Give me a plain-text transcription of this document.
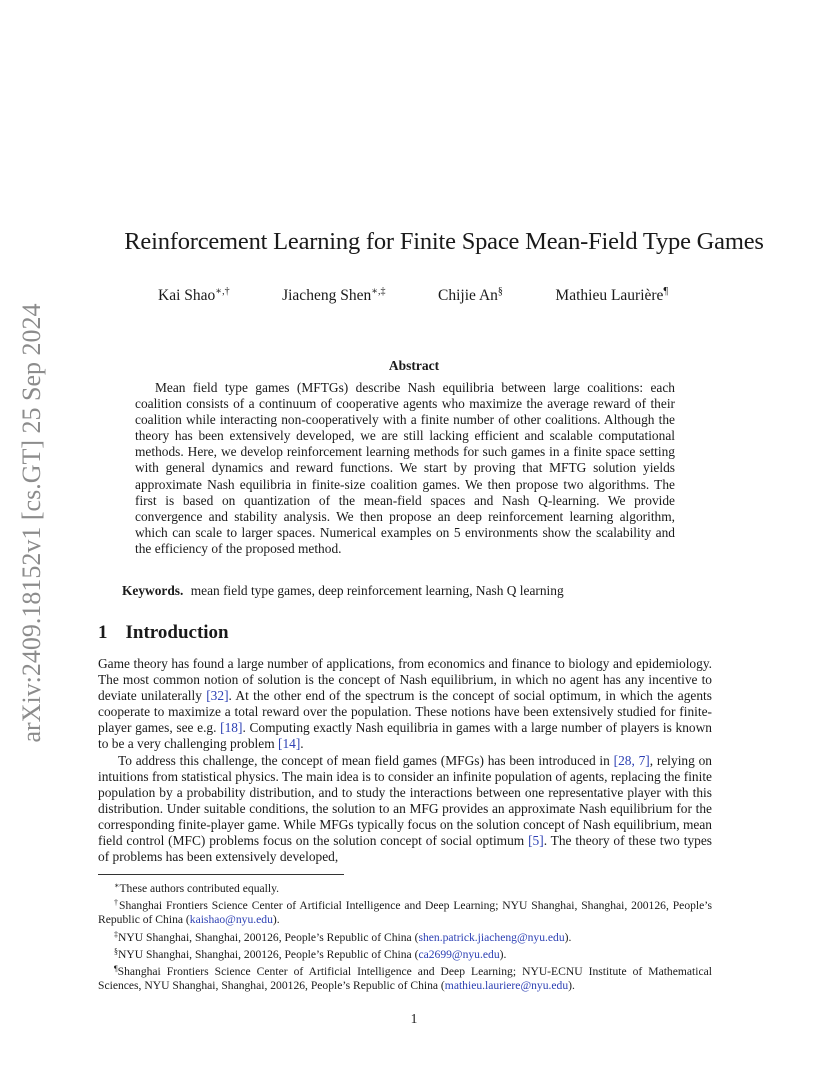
arXiv:2409.18152v1 [cs.GT] 25 Sep 2024
Reinforcement Learning for Finite Space Mean-Field Type Games
Kai Shao∗,†	Jiacheng Shen∗,‡	Chijie An§	Mathieu Laurière¶
Abstract
Mean field type games (MFTGs) describe Nash equilibria between large coalitions: each coalition consists of a continuum of cooperative agents who maximize the average reward of their coalition while interacting non-cooperatively with a finite number of other coalitions. Although the theory has been extensively developed, we are still lacking efficient and scalable computational methods. Here, we develop reinforcement learning methods for such games in a finite space setting with general dynamics and reward functions. We start by proving that MFTG solution yields approximate Nash equilibria in finite-size coalition games. We then propose two algorithms. The first is based on quantization of the mean-field spaces and Nash Q-learning. We provide convergence and stability analysis. We then propose an deep reinforcement learning algorithm, which can scale to larger spaces. Numerical examples on 5 environments show the scalability and the efficiency of the proposed method.
Keywords. mean field type games, deep reinforcement learning, Nash Q learning
1 Introduction

Game theory has found a large number of applications, from economics and finance to biology and epidemiology. The most common notion of solution is the concept of Nash equilibrium, in which no agent has any incentive to deviate unilaterally [32]. At the other end of the spectrum is the concept of social optimum, in which the agents cooperate to maximize a total reward over the population. These notions have been extensively studied for finite-player games, see e.g. [18]. Computing exactly Nash equilibria in games with a large number of players is known to be a very challenging problem [14].

To address this challenge, the concept of mean field games (MFGs) has been introduced in [28, 7], relying on intuitions from statistical physics. The main idea is to consider an infinite population of agents, replacing the finite population by a probability distribution, and to study the interactions between one representative player with this distribution. Under suitable conditions, the solution to an MFG provides an approximate Nash equilibrium for the corresponding finite-player game. While MFGs typically focus on the solution concept of Nash equilibrium, mean field control (MFC) problems focus on the solution concept of social optimum [5]. The theory of these two types of problems has been extensively developed,

∗These authors contributed equally.

†Shanghai Frontiers Science Center of Artificial Intelligence and Deep Learning; NYU Shanghai, Shanghai, 200126, People’s Republic of China (kaishao@nyu.edu).

‡NYU Shanghai, Shanghai, 200126, People’s Republic of China (shen.patrick.jiacheng@nyu.edu).

§NYU Shanghai, Shanghai, 200126, People’s Republic of China (ca2699@nyu.edu).

¶Shanghai Frontiers Science Center of Artificial Intelligence and Deep Learning; NYU-ECNU Institute of Mathematical Sciences, NYU Shanghai, Shanghai, 200126, People’s Republic of China (mathieu.lauriere@nyu.edu).

1
